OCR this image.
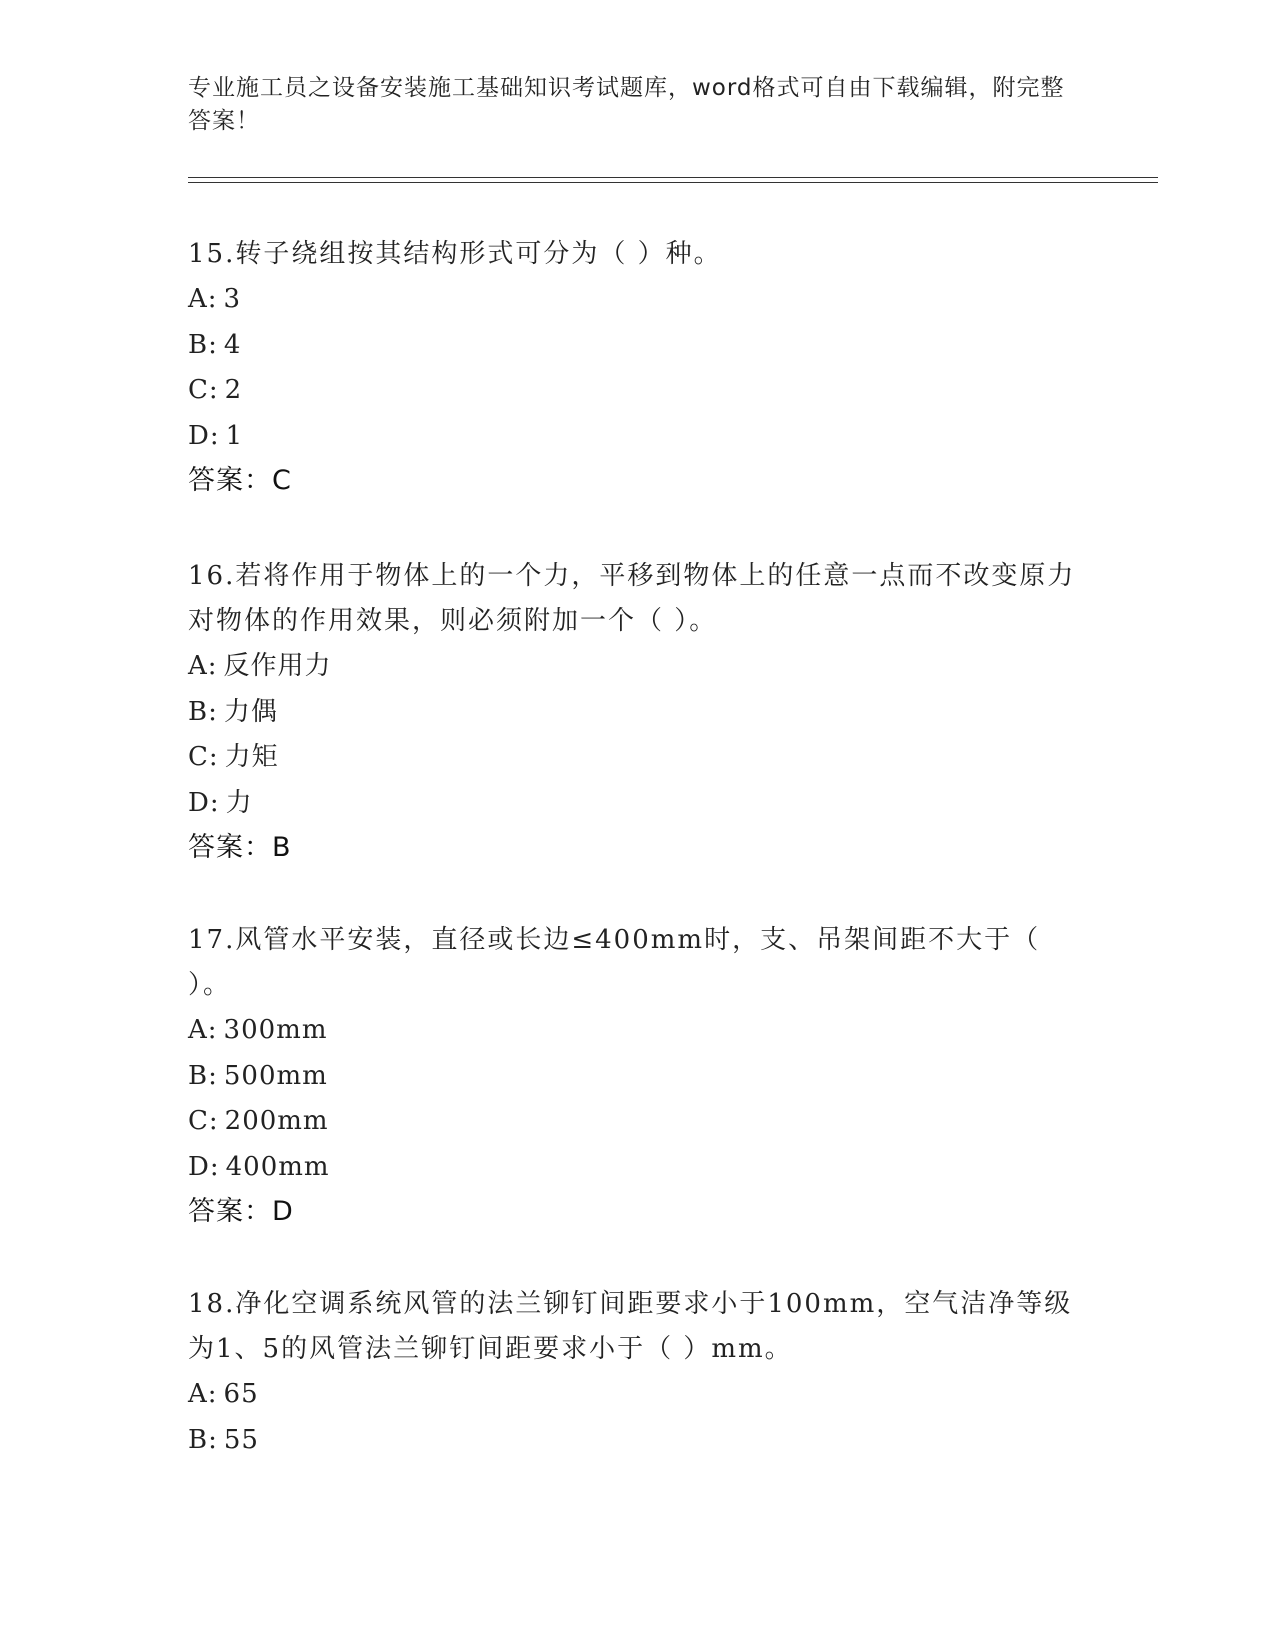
专业施工员之设备安装施工基础知识考试题库，word格式可自由下载编辑，附完整答案！

15.转子绕组按其结构形式可分为（ ）种。

A: 3
B: 4
C: 2
D: 1
答案：C

16.若将作用于物体上的一个力，平移到物体上的任意一点而不改变原力对物体的作用效果，则必须附加一个（ ）。

A: 反作用力
B: 力偶
C: 力矩
D: 力
答案：B

17.风管水平安装，直径或长边≤400mm时，支、吊架间距不大于（ ）。

A: 300mm
B: 500mm
C: 200mm
D: 400mm
答案：D

18.净化空调系统风管的法兰铆钉间距要求小于100mm，空气洁净等级为1、5的风管法兰铆钉间距要求小于（ ）mm。

A: 65
B: 55
